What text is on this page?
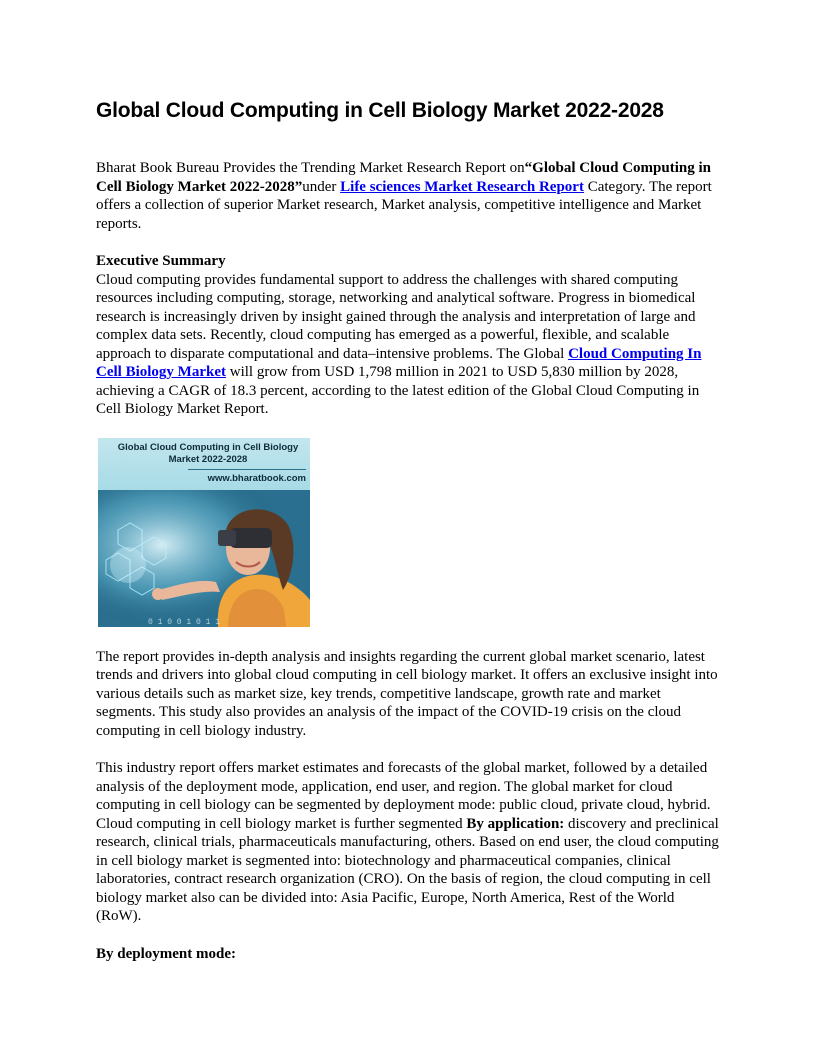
Global Cloud Computing in Cell Biology Market 2022-2028

Bharat Book Bureau Provides the Trending Market Research Report on“Global Cloud Computing in Cell Biology Market 2022-2028”under Life sciences Market Research Report Category. The report offers a collection of superior Market research, Market analysis, competitive intelligence and Market reports.

Executive Summary
Cloud computing provides fundamental support to address the challenges with shared computing resources including computing, storage, networking and analytical software. Progress in biomedical research is increasingly driven by insight gained through the analysis and interpretation of large and complex data sets. Recently, cloud computing has emerged as a powerful, flexible, and scalable approach to disparate computational and data–intensive problems. The Global Cloud Computing In Cell Biology Market will grow from USD 1,798 million in 2021 to USD 5,830 million by 2028, achieving a CAGR of 18.3 percent, according to the latest edition of the Global Cloud Computing in Cell Biology Market Report.

Global Cloud Computing in Cell Biology Market 2022-2028
www.bharatbook.com
0 1 0 0 1 0 1 1

The report provides in-depth analysis and insights regarding the current global market scenario, latest trends and drivers into global cloud computing in cell biology market. It offers an exclusive insight into various details such as market size, key trends, competitive landscape, growth rate and market segments. This study also provides an analysis of the impact of the COVID-19 crisis on the cloud computing in cell biology industry.

This industry report offers market estimates and forecasts of the global market, followed by a detailed analysis of the deployment mode, application, end user, and region. The global market for cloud computing in cell biology can be segmented by deployment mode: public cloud, private cloud, hybrid. Cloud computing in cell biology market is further segmented By application: discovery and preclinical research, clinical trials, pharmaceuticals manufacturing, others. Based on end user, the cloud computing in cell biology market is segmented into: biotechnology and pharmaceutical companies, clinical laboratories, contract research organization (CRO). On the basis of region, the cloud computing in cell biology market also can be divided into: Asia Pacific, Europe, North America, Rest of the World (RoW).

By deployment mode:
